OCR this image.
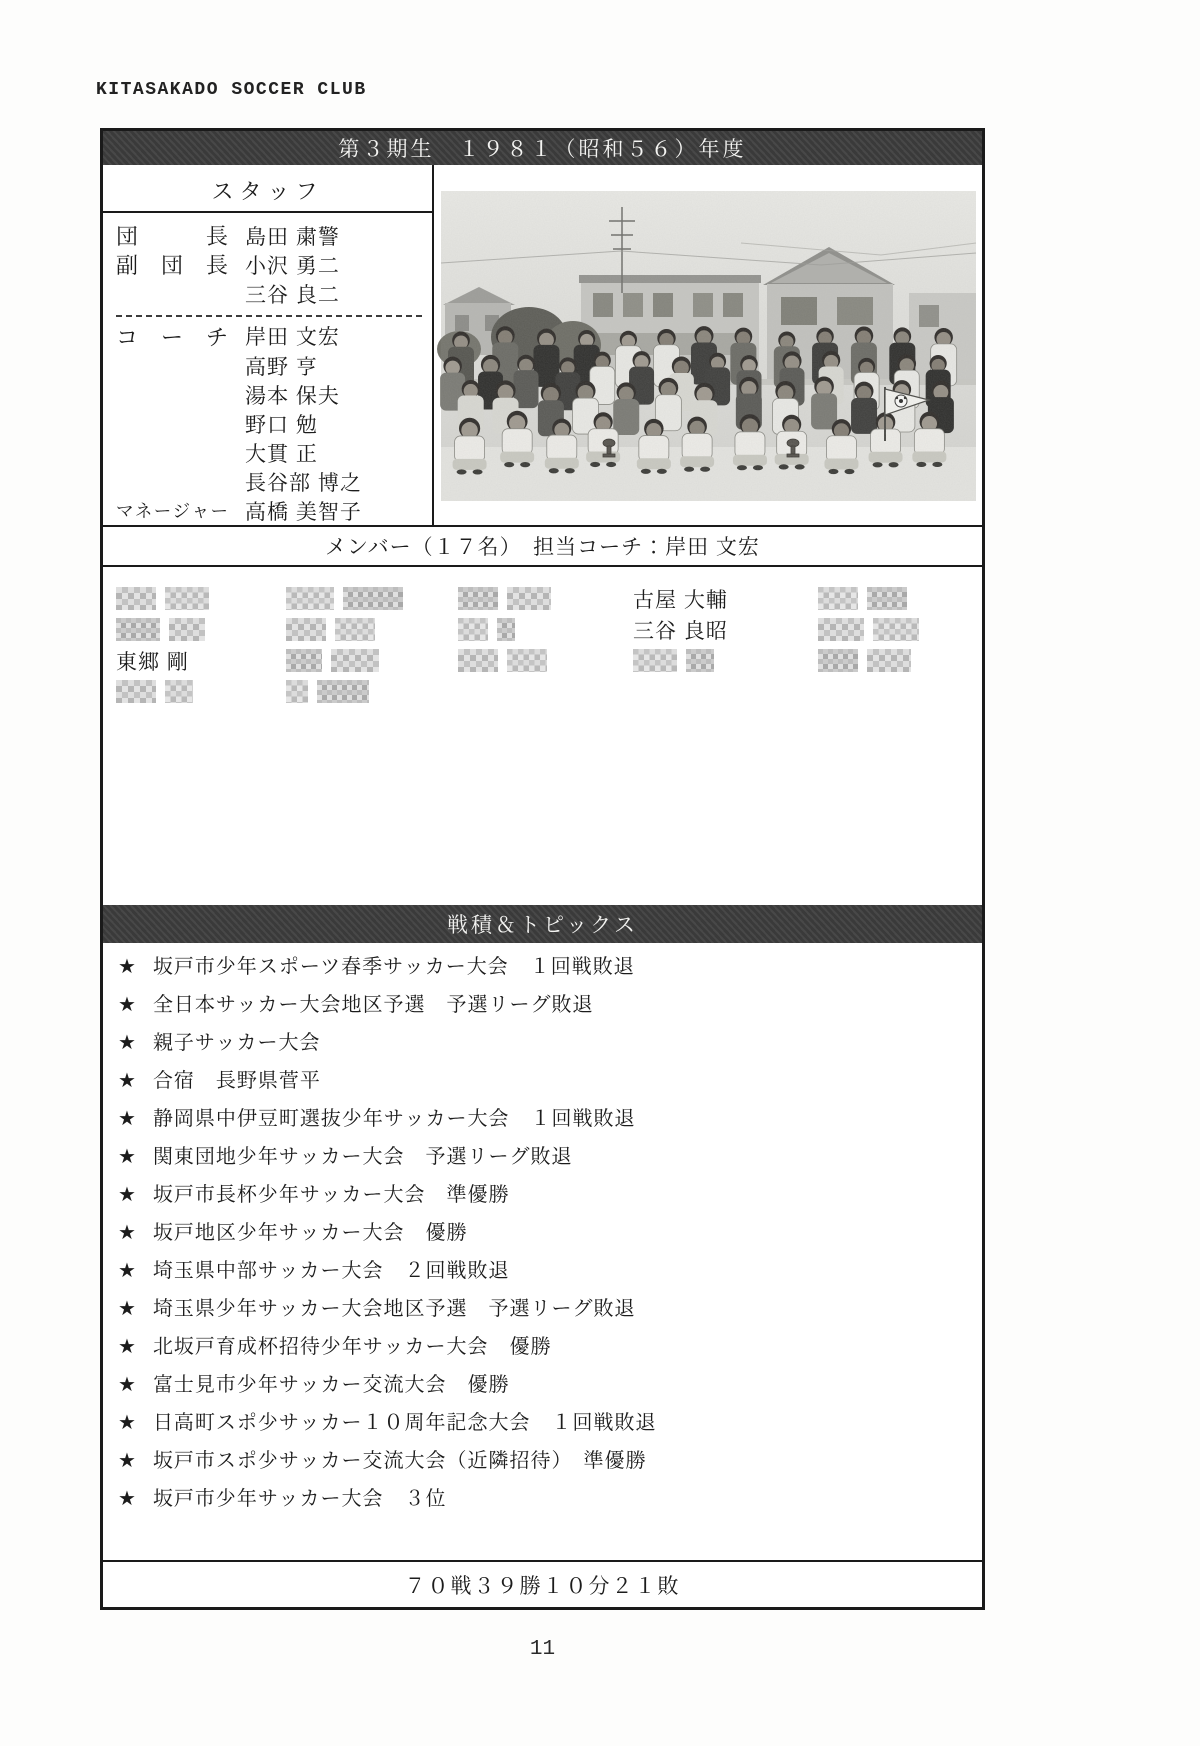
KITASAKADO SOCCER CLUB
第３期生　１９８１（昭和５６）年度
スタッフ
団	長 島田 粛警
副 団 長 小沢 勇二
三谷 良二
コ ー チ 岸田 文宏
高野 亨
湯本 保夫
野口 勉
大貫 正
長谷部 博之
マ ネ ー ジ ャ ー 高橋 美智子
メンバー（１７名）　担当コーチ：岸田 文宏
古屋 大輔
三谷 良昭
東郷 剛
戦積＆トピックス
★ 坂戸市少年スポーツ春季サッカー大会　１回戦敗退
★ 全日本サッカー大会地区予選　予選リーグ敗退
★ 親子サッカー大会
★ 合宿　長野県菅平
★ 静岡県中伊豆町選抜少年サッカー大会　１回戦敗退
★ 関東団地少年サッカー大会　予選リーグ敗退
★ 坂戸市長杯少年サッカー大会　準優勝
★ 坂戸地区少年サッカー大会　優勝
★ 埼玉県中部サッカー大会　２回戦敗退
★ 埼玉県少年サッカー大会地区予選　予選リーグ敗退
★ 北坂戸育成杯招待少年サッカー大会　優勝
★ 富士見市少年サッカー交流大会　優勝
★ 日高町スポ少サッカー１０周年記念大会　１回戦敗退
★ 坂戸市スポ少サッカー交流大会（近隣招待）　準優勝
★ 坂戸市少年サッカー大会　３位
７０戦３９勝１０分２１敗
11
